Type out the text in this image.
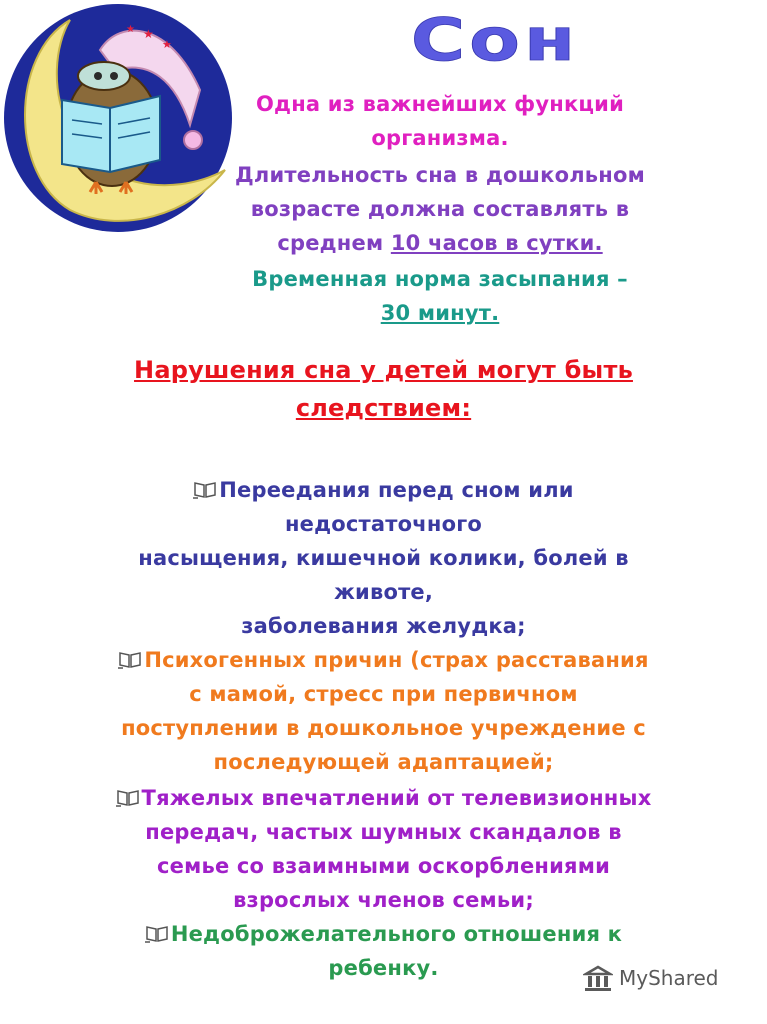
★
★
★	Сон
Одна из важнейших функций
организма.
Длительность сна в дошкольном
возрасте должна составлять в
среднем 10 часов в сутки.
Временная норма засыпания –
30 минут.
Нарушения сна у детей могут быть
следствием:
Переедания перед сном или
недостаточного
насыщения, кишечной колики, болей в
животе,
заболевания желудка;
Психогенных причин (страх расставания
с мамой, стресс при первичном
поступлении в дошкольное учреждение с
последующей адаптацией;
Тяжелых впечатлений от телевизионных
передач, частых шумных скандалов в
семье со взаимными оскорблениями
взрослых членов семьи;
Недоброжелательного отношения к
ребенку.	MyShared
